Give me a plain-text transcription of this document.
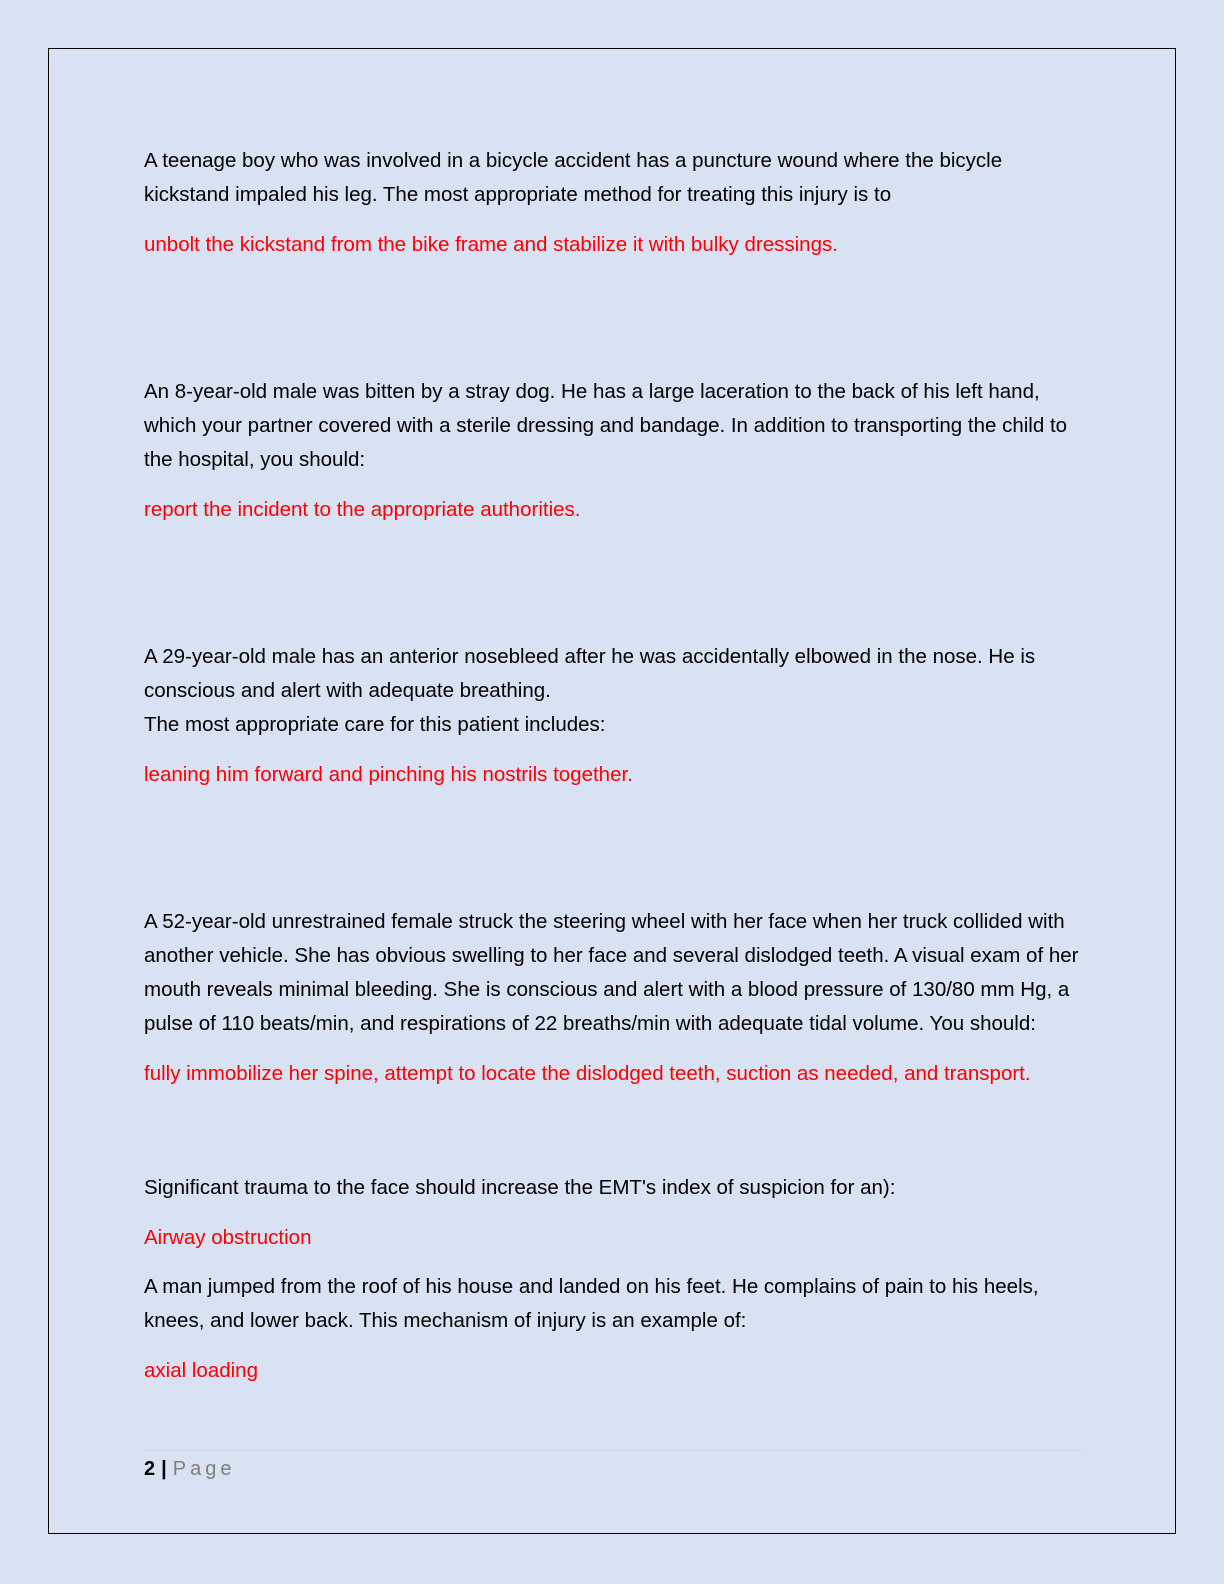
A teenage boy who was involved in a bicycle accident has a puncture wound where the bicycle kickstand impaled his leg. The most appropriate method for treating this injury is to

unbolt the kickstand from the bike frame and stabilize it with bulky dressings.

An 8-year-old male was bitten by a stray dog. He has a large laceration to the back of his left hand, which your partner covered with a sterile dressing and bandage. In addition to transporting the child to the hospital, you should:

report the incident to the appropriate authorities.

A 29-year-old male has an anterior nosebleed after he was accidentally elbowed in the nose. He is conscious and alert with adequate breathing.

The most appropriate care for this patient includes:

leaning him forward and pinching his nostrils together.

A 52-year-old unrestrained female struck the steering wheel with her face when her truck collided with another vehicle. She has obvious swelling to her face and several dislodged teeth. A visual exam of her mouth reveals minimal bleeding. She is conscious and alert with a blood pressure of 130/80 mm Hg, a pulse of 110 beats/min, and respirations of 22 breaths/min with adequate tidal volume. You should:

fully immobilize her spine, attempt to locate the dislodged teeth, suction as needed, and transport.

Significant trauma to the face should increase the EMT's index of suspicion for an):

Airway obstruction

A man jumped from the roof of his house and landed on his feet. He complains of pain to his heels, knees, and lower back. This mechanism of injury is an example of:

axial loading

2 | Page
